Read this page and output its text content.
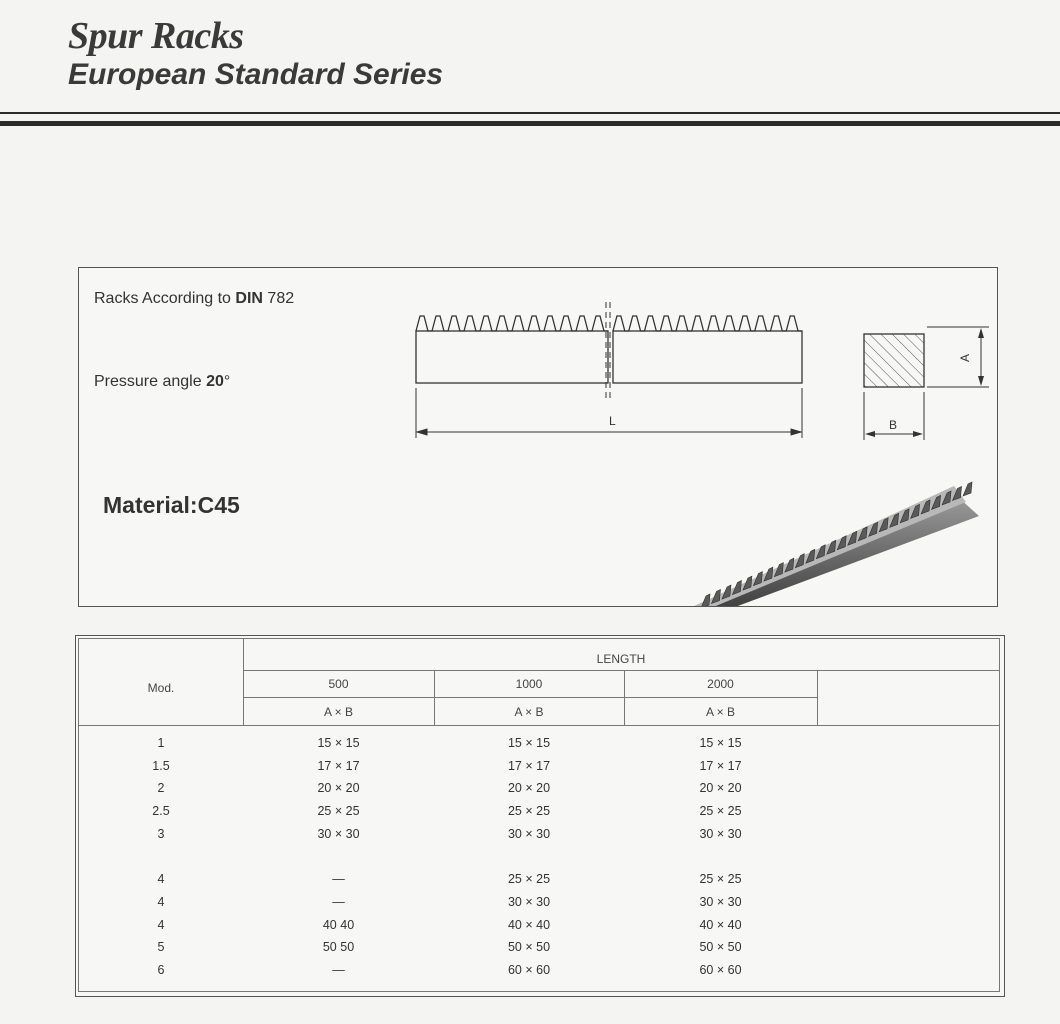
Spur Racks
European Standard Series
Racks According to DIN 782
Pressure angle 20°
Material:C45
L
A
B
Mod.
LENGTH
500	1000	2000
A × B	A × B	A × B
1	15 × 15	15 × 15	15 × 15
1.5	17 × 17	17 × 17	17 × 17
2	20 × 20	20 × 20	20 × 20
2.5	25 × 25	25 × 25	25 × 25
3	30 × 30	30 × 30	30 × 30
4	—	25 × 25	25 × 25
4	—	30 × 30	30 × 30
4	40 40	40 × 40	40 × 40
5	50 50	50 × 50	50 × 50
6	—	60 × 60	60 × 60
